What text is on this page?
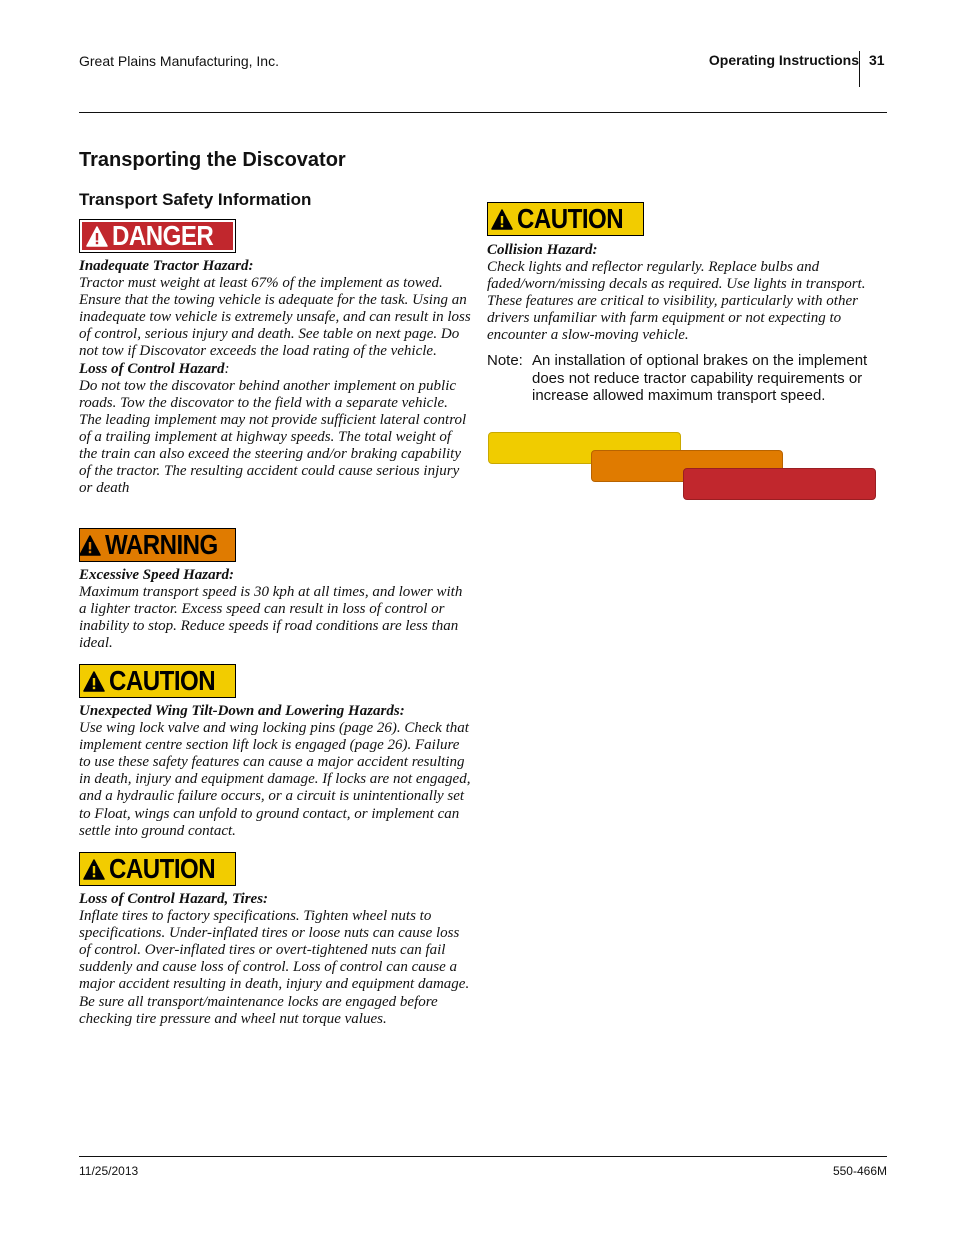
Great Plains Manufacturing, Inc.	Operating Instructions 31
Transporting the Discovator
Transport Safety Information
DANGER
Inadequate Tractor Hazard:

Tractor must weight at least 67% of the implement as towed. Ensure that the towing vehicle is adequate for the task. Using an inadequate tow vehicle is extremely unsafe, and can result in loss of control, serious injury and death. See table on next page. Do not tow if Discovator exceeds the load rating of the vehicle.

Loss of Control Hazard:

Do not tow the discovator behind another implement on public roads. Tow the discovator to the field with a separate vehicle. The leading implement may not provide sufficient lateral control of a trailing implement at highway speeds. The total weight of the train can also exceed the steering and/or braking capability of the tractor. The resulting accident could cause serious injury or death

WARNING
Excessive Speed Hazard:

Maximum transport speed is 30 kph at all times, and lower with a lighter tractor. Excess speed can result in loss of control or inability to stop. Reduce speeds if road conditions are less than ideal.

CAUTION
Unexpected Wing Tilt-Down and Lowering Hazards:

Use wing lock valve and wing locking pins (page 26). Check that implement centre section lift lock is engaged (page 26). Failure to use these safety features can cause a major accident resulting in death, injury and equipment damage. If locks are not engaged, and a hydraulic failure occurs, or a circuit is unintentionally set to Float, wings can unfold to ground contact, or implement can settle into ground contact.

CAUTION
Loss of Control Hazard, Tires:

Inflate tires to factory specifications. Tighten wheel nuts to specifications. Under-inflated tires or loose nuts can cause loss of control. Over-inflated tires or overt-tightened nuts can fail suddenly and cause loss of control. Loss of control can cause a major accident resulting in death, injury and equipment damage. Be sure all transport/maintenance locks are engaged before checking tire pressure and wheel nut torque values.

CAUTION
Collision Hazard:

Check lights and reflector regularly. Replace bulbs and faded/worn/missing decals as required. Use lights in transport. These features are critical to visibility, particularly with other drivers unfamiliar with farm equipment or not expecting to encounter a slow-moving vehicle.

Note: An installation of optional brakes on the implement does not reduce tractor capability requirements or increase allowed maximum transport speed.
11/25/2013	550-466M
